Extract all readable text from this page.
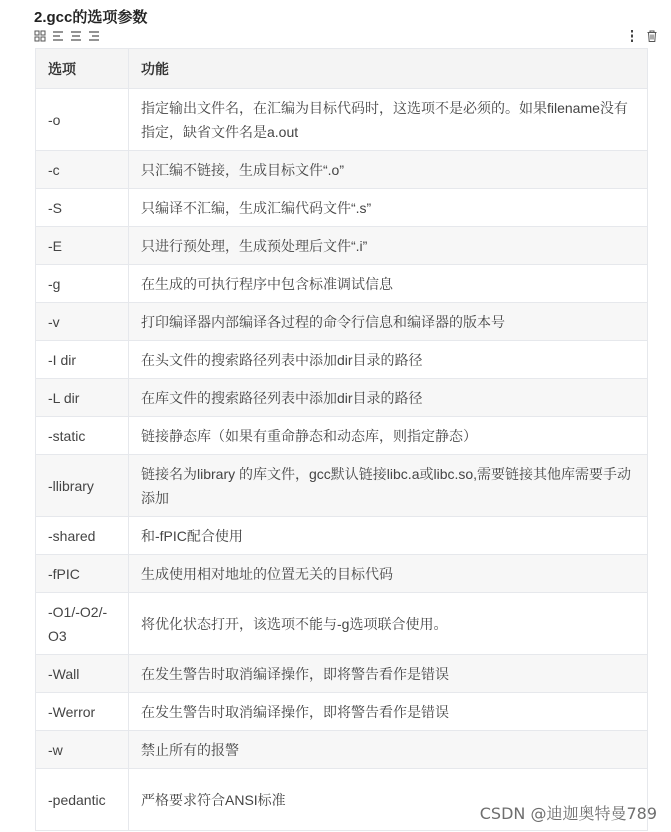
2.gcc的选项参数
选项	功能
-o	指定输出文件名，在汇编为目标代码时，这选项不是必须的。如果filename没有指定，缺省文件名是a.out
-c	只汇编不链接，生成目标文件“.o”
-S	只编译不汇编，生成汇编代码文件“.s”
-E	只进行预处理，生成预处理后文件“.i”
-g	在生成的可执行程序中包含标准调试信息
-v	打印编译器内部编译各过程的命令行信息和编译器的版本号
-I dir	在头文件的搜索路径列表中添加dir目录的路径
-L dir	在库文件的搜索路径列表中添加dir目录的路径
-static	链接静态库（如果有重命静态和动态库，则指定静态）
-llibrary	链接名为library 的库文件，gcc默认链接libc.a或libc.so,需要链接其他库需要手动添加
-shared	和-fPIC配合使用
-fPIC	生成使用相对地址的位置无关的目标代码
-O1/-O2/-O3	将优化状态打开，该选项不能与-g选项联合使用。
-Wall	在发生警告时取消编译操作，即将警告看作是错误
-Werror	在发生警告时取消编译操作，即将警告看作是错误
-w	禁止所有的报警
-pedantic	严格要求符合ANSI标准
CSDN @迪迦奥特曼789
